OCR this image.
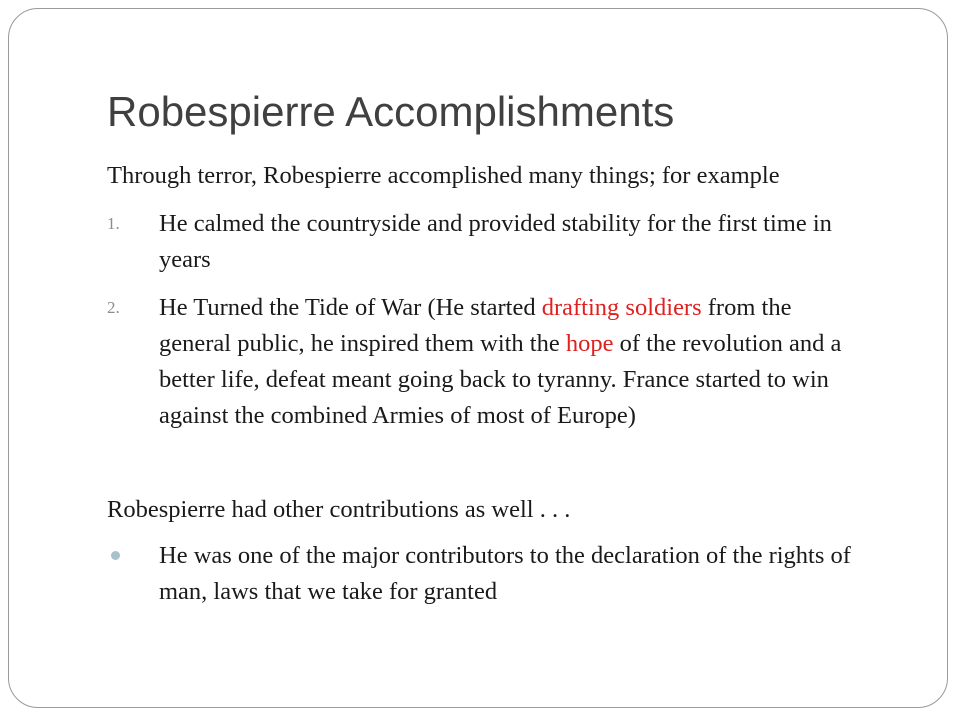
Robespierre Accomplishments
Through terror, Robespierre accomplished many things; for example
1.	He calmed the countryside and provided stability for the first time in years
2.	He Turned the Tide of War (He started drafting soldiers from the general public, he inspired them with the hope of the revolution and a better life, defeat meant going back to tyranny. France started to win against the combined Armies of most of Europe)
Robespierre had other contributions as well . . .
He was one of the major contributors to the declaration of the rights of man, laws that we take for granted
